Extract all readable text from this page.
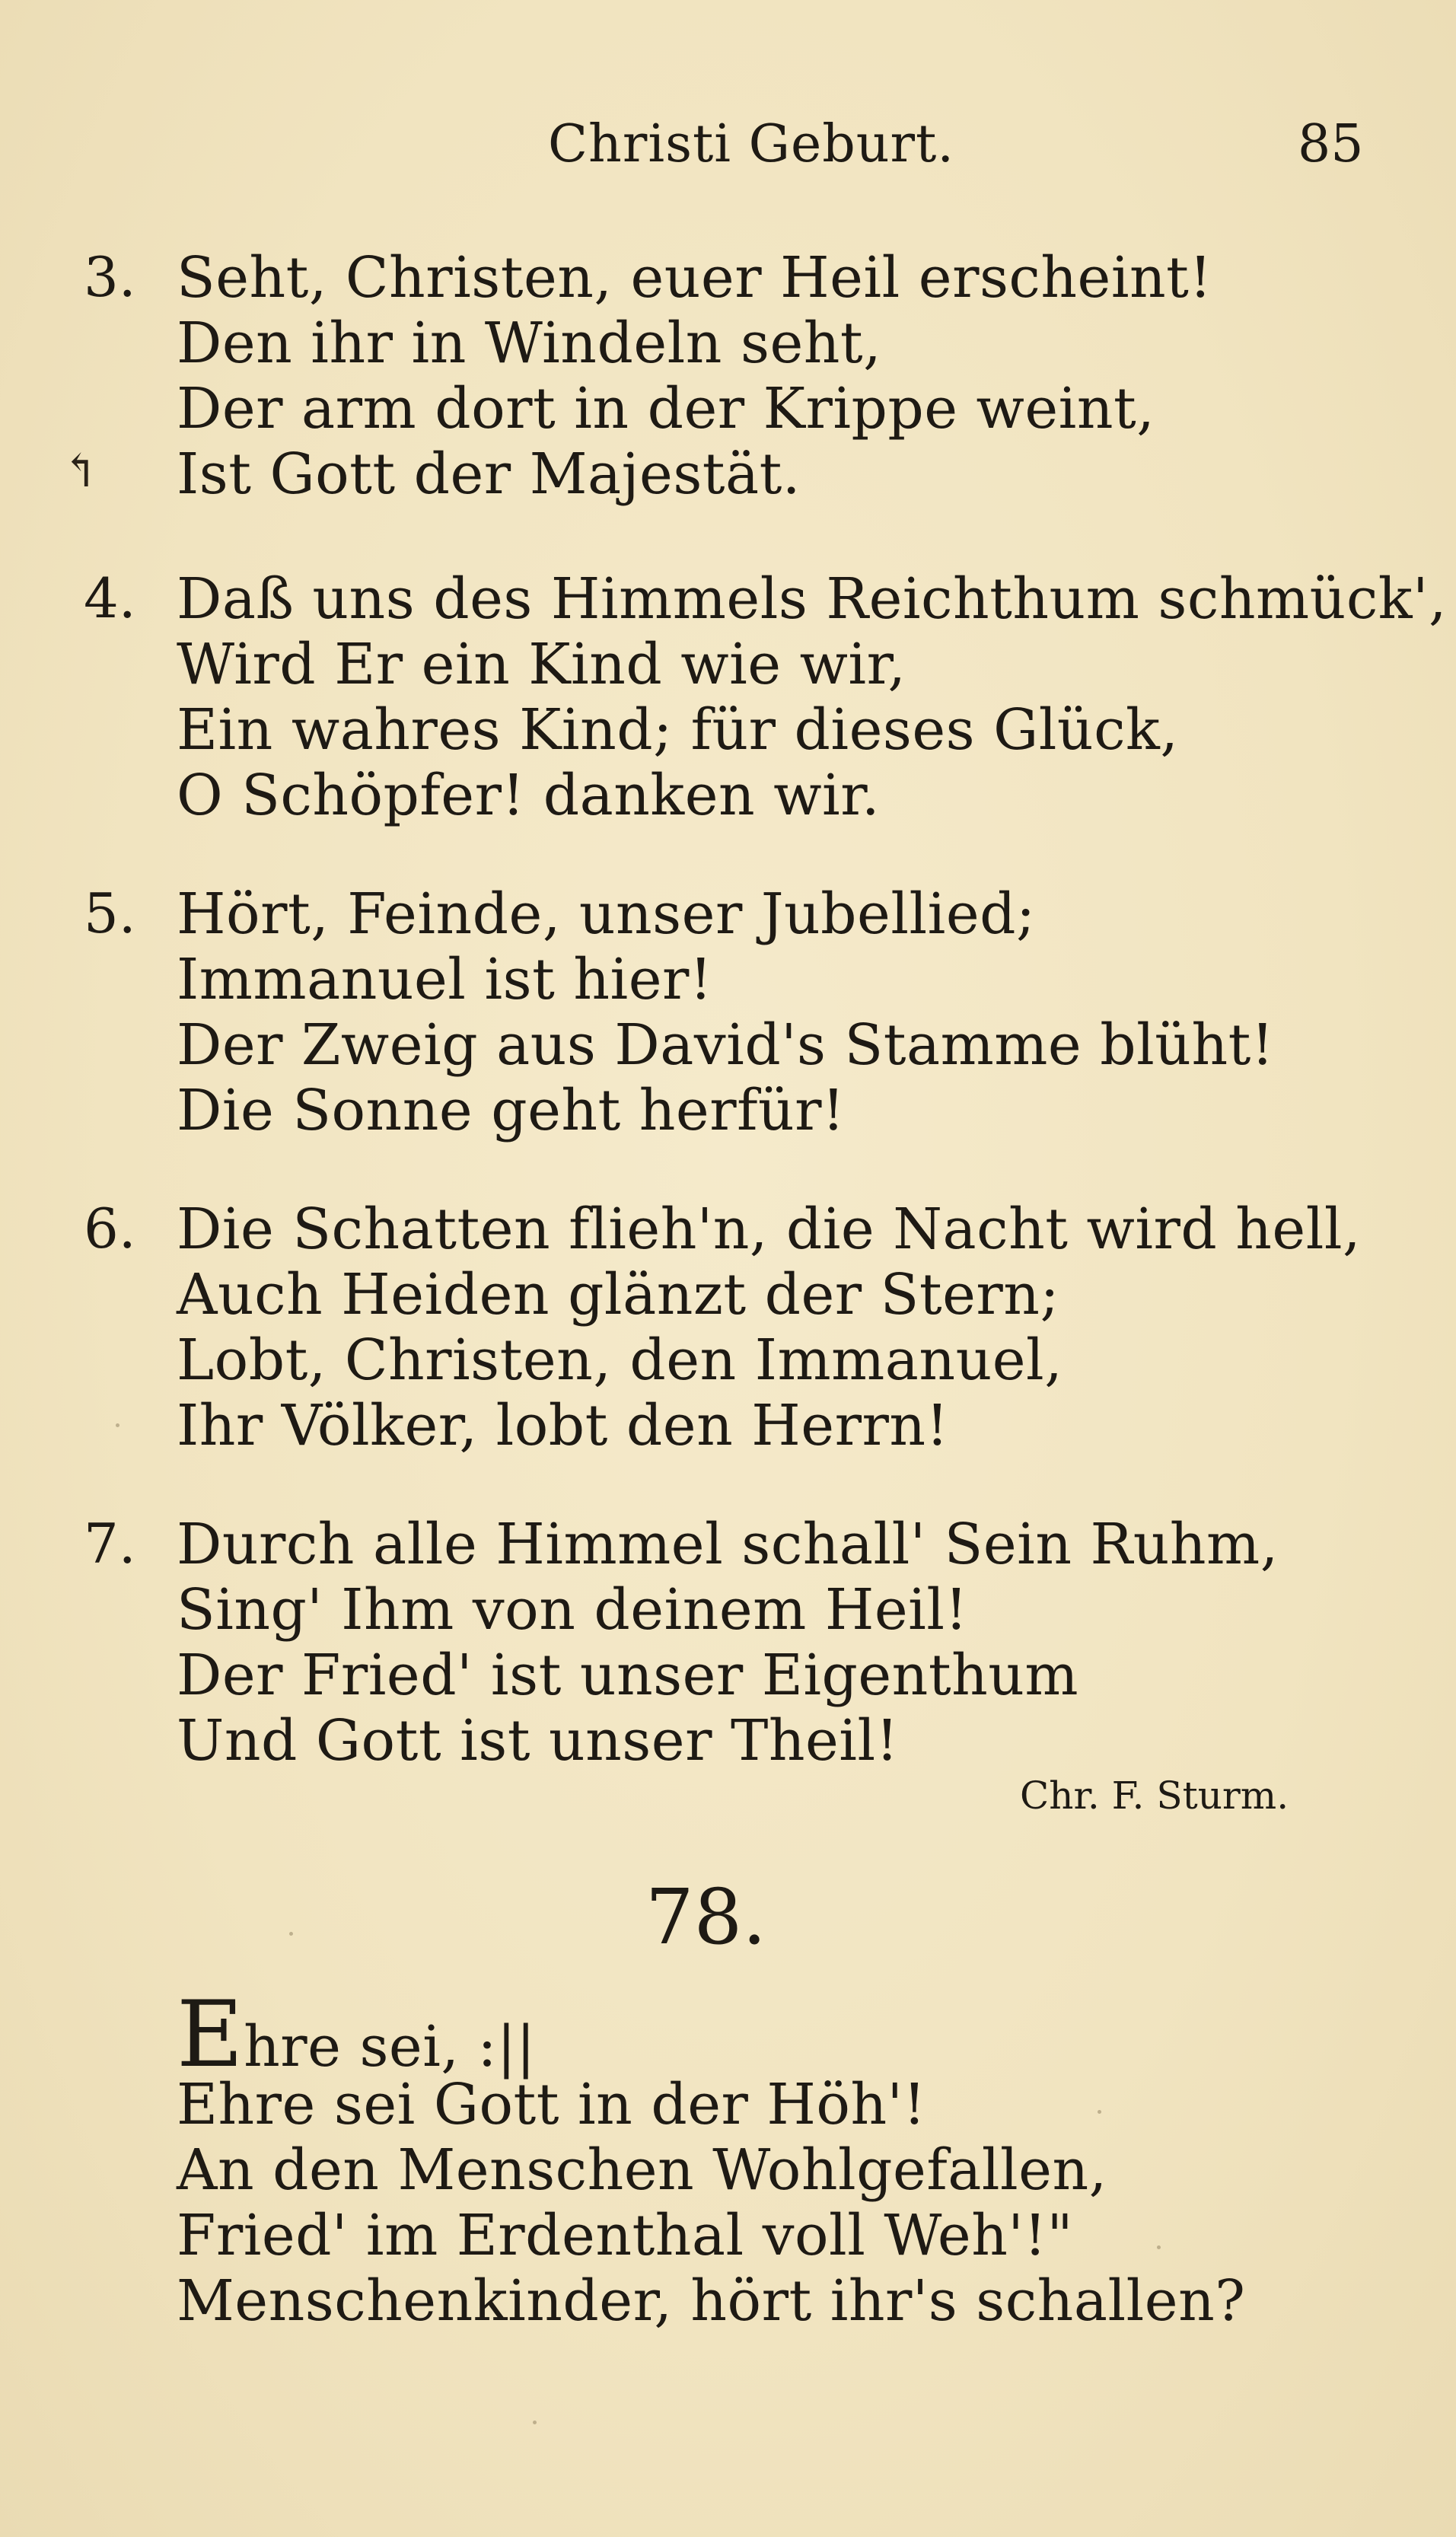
Christi Geburt.	85
3. Seht, Christen, euer Heil erscheint!
Den ihr in Windeln seht,
Der arm dort in der Krippe weint,
Ist Gott der Majestät.
↰
4. Daß uns des Himmels Reichthum schmück',
Wird Er ein Kind wie wir,
Ein wahres Kind; für dieses Glück,
O Schöpfer! danken wir.
5. Hört, Feinde, unser Jubellied;
Immanuel ist hier!
Der Zweig aus David's Stamme blüht!
Die Sonne geht herfür!
6. Die Schatten flieh'n, die Nacht wird hell,
Auch Heiden glänzt der Stern;
Lobt, Christen, den Immanuel,
Ihr Völker, lobt den Herrn!
7. Durch alle Himmel schall' Sein Ruhm,
Sing' Ihm von deinem Heil!
Der Fried' ist unser Eigenthum
Und Gott ist unser Theil!
Chr. F. Sturm.
78.
Ehre sei, :||
Ehre sei Gott in der Höh'!
An den Menschen Wohlgefallen,
Fried' im Erdenthal voll Weh'!"
Menschenkinder, hört ihr's schallen?
